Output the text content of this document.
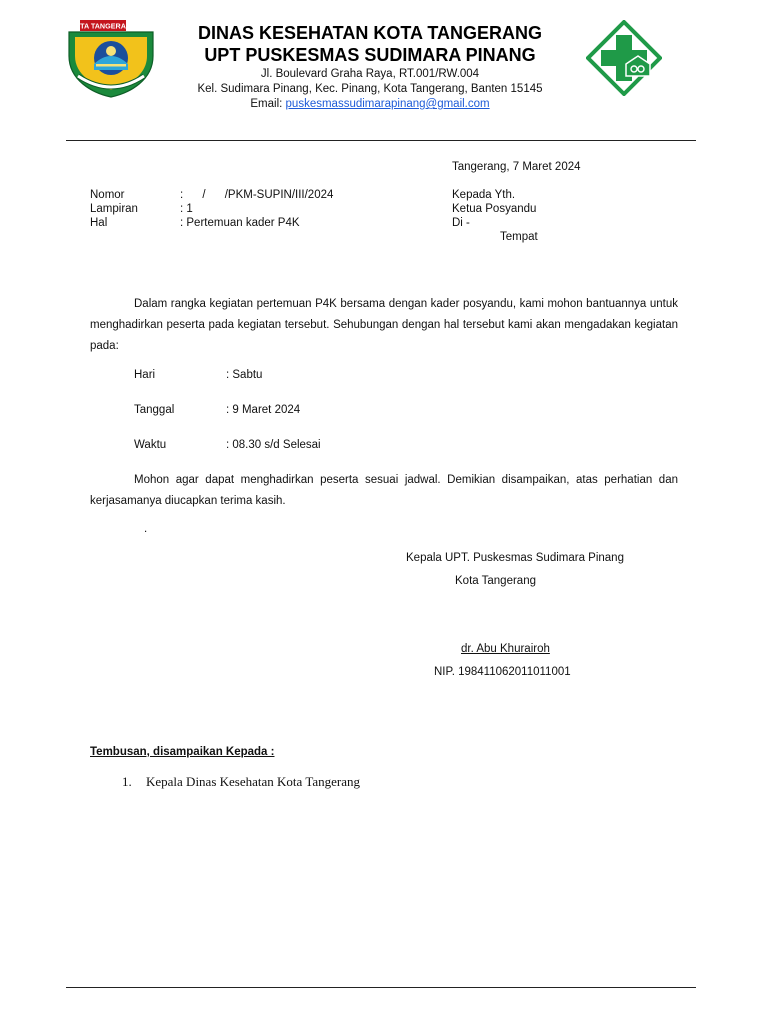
KOTA TANGERANG	DINAS KESEHATAN KOTA TANGERANG
UPT PUSKESMAS SUDIMARA PINANG
Jl. Boulevard Graha Raya, RT.001/RW.004
Kel. Sudimara Pinang, Kec. Pinang, Kota Tangerang, Banten 15145
Email: puskesmassudimarapinang@gmail.com
Tangerang, 7 Maret 2024
Nomor	:      /      /PKM-SUPIN/III/2024
Lampiran	: 1
Hal	: Pertemuan kader P4K
Kepada Yth.
Ketua Posyandu
Di -
Tempat
Dalam rangka kegiatan pertemuan P4K bersama dengan kader posyandu, kami mohon bantuannya untuk menghadirkan peserta pada kegiatan tersebut. Sehubungan dengan hal tersebut kami akan mengadakan kegiatan pada:
Hari	: Sabtu
Tanggal	: 9 Maret 2024
Waktu	: 08.30 s/d Selesai
Mohon agar dapat menghadirkan peserta sesuai jadwal. Demikian disampaikan, atas perhatian dan kerjasamanya diucapkan terima kasih.
.
Kepala UPT. Puskesmas Sudimara Pinang
Kota Tangerang
dr. Abu Khurairoh
NIP. 198411062011011001
Tembusan, disampaikan Kepada :
1. Kepala Dinas Kesehatan Kota Tangerang
